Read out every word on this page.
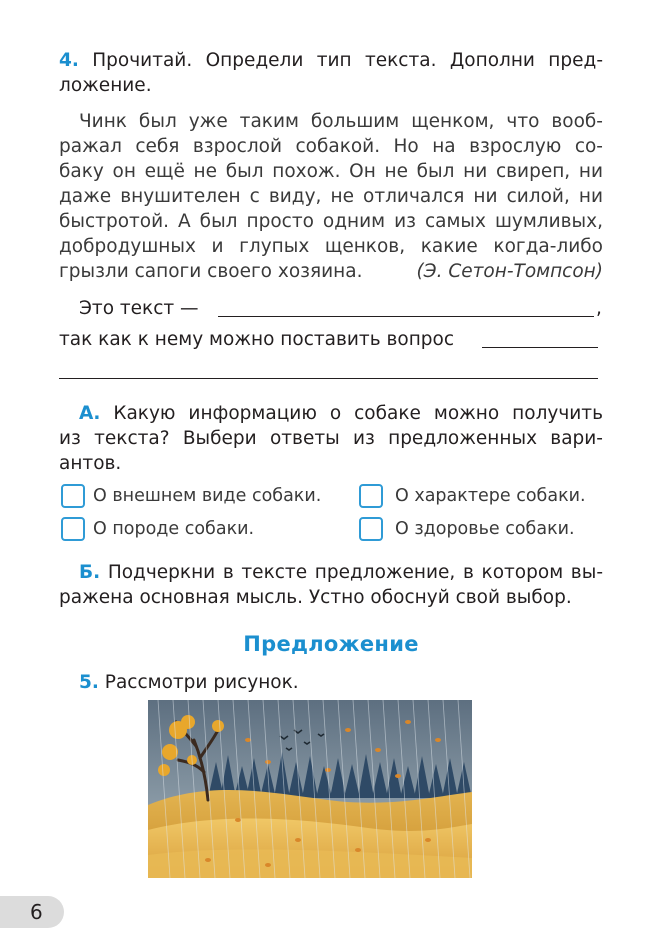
4. Прочитай. Определи тип текста. Дополни пред-
ложение.
Чинк был уже таким большим щенком, что вооб-
ражал себя взрослой собакой. Но на взрослую со-
баку он ещё не был похож. Он не был ни свиреп, ни
даже внушителен с виду, не отличался ни силой, ни
быстротой. А был просто одним из самых шумливых,
добродушных и глупых щенков, какие когда-либо
грызли сапоги своего хозяина.	(Э. Сетон-Томпсон)
Это текст —	,
так как к нему можно поставить вопрос
А. Какую информацию о собаке можно получить
из текста? Выбери ответы из предложенных вари-
антов.
О внешнем виде собаки.	О характере собаки.
О породе собаки.	О здоровье собаки.
Б. Подчеркни в тексте предложение, в котором вы-
ражена основная мысль. Устно обоснуй свой выбор.
Предложение
5. Рассмотри рисунок.
6
